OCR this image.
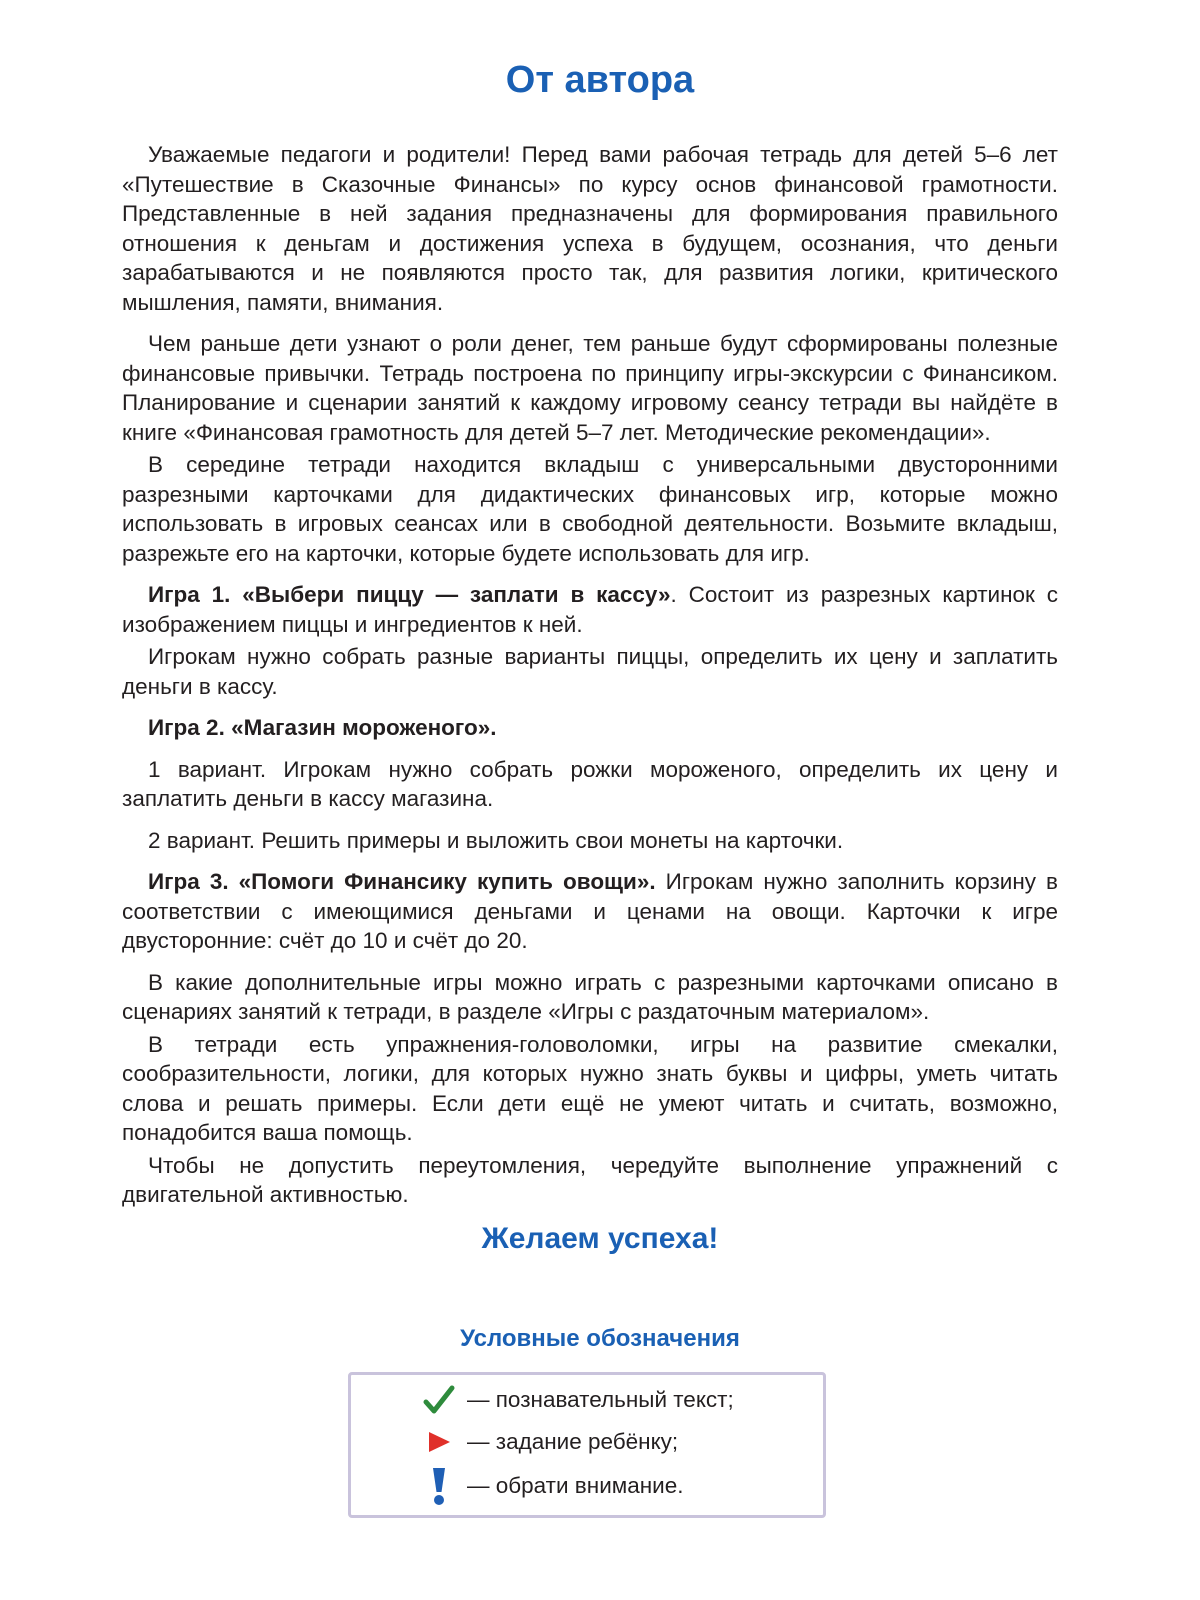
От автора

Уважаемые педагоги и родители! Перед вами рабочая тетрадь для детей 5–6 лет «Путешествие в Сказочные Финансы» по курсу основ финансовой грамотности. Представленные в ней задания предназначены для формирования правильного отношения к деньгам и достижения успеха в будущем, осознания, что деньги зарабатываются и не появляются просто так, для развития логики, критического мышления, памяти, внимания.

Чем раньше дети узнают о роли денег, тем раньше будут сформированы полезные финансовые привычки. Тетрадь построена по принципу игры-экскурсии с Финансиком. Планирование и сценарии занятий к каждому игровому сеансу тетради вы найдёте в книге «Финансовая грамотность для детей 5–7 лет. Методические рекомендации».

В середине тетради находится вкладыш с универсальными двусторонними разрезными карточками для дидактических финансовых игр, которые можно использовать в игровых сеансах или в свободной деятельности. Возьмите вкладыш, разрежьте его на карточки, которые будете использовать для игр.

Игра 1. «Выбери пиццу — заплати в кассу». Состоит из разрезных картинок с изображением пиццы и ингредиентов к ней.

Игрокам нужно собрать разные варианты пиццы, определить их цену и заплатить деньги в кассу.

Игра 2. «Магазин мороженого».

1 вариант. Игрокам нужно собрать рожки мороженого, определить их цену и заплатить деньги в кассу магазина.

2 вариант. Решить примеры и выложить свои монеты на карточки.

Игра 3. «Помоги Финансику купить овощи». Игрокам нужно заполнить корзину в соответствии с имеющимися деньгами и ценами на овощи. Карточки к игре двусторонние: счёт до 10 и счёт до 20.

В какие дополнительные игры можно играть с разрезными карточками описано в сценариях занятий к тетради, в разделе «Игры с раздаточным материалом».

В тетради есть упражнения-головоломки, игры на развитие смекалки, сообразительности, логики, для которых нужно знать буквы и цифры, уметь читать слова и решать примеры. Если дети ещё не умеют читать и считать, возможно, понадобится ваша помощь.

Чтобы не допустить переутомления, чередуйте выполнение упражнений с двигательной активностью.

Желаем успеха!
Условные обозначения
— познавательный текст;
— задание ребёнку;
— обрати внимание.
